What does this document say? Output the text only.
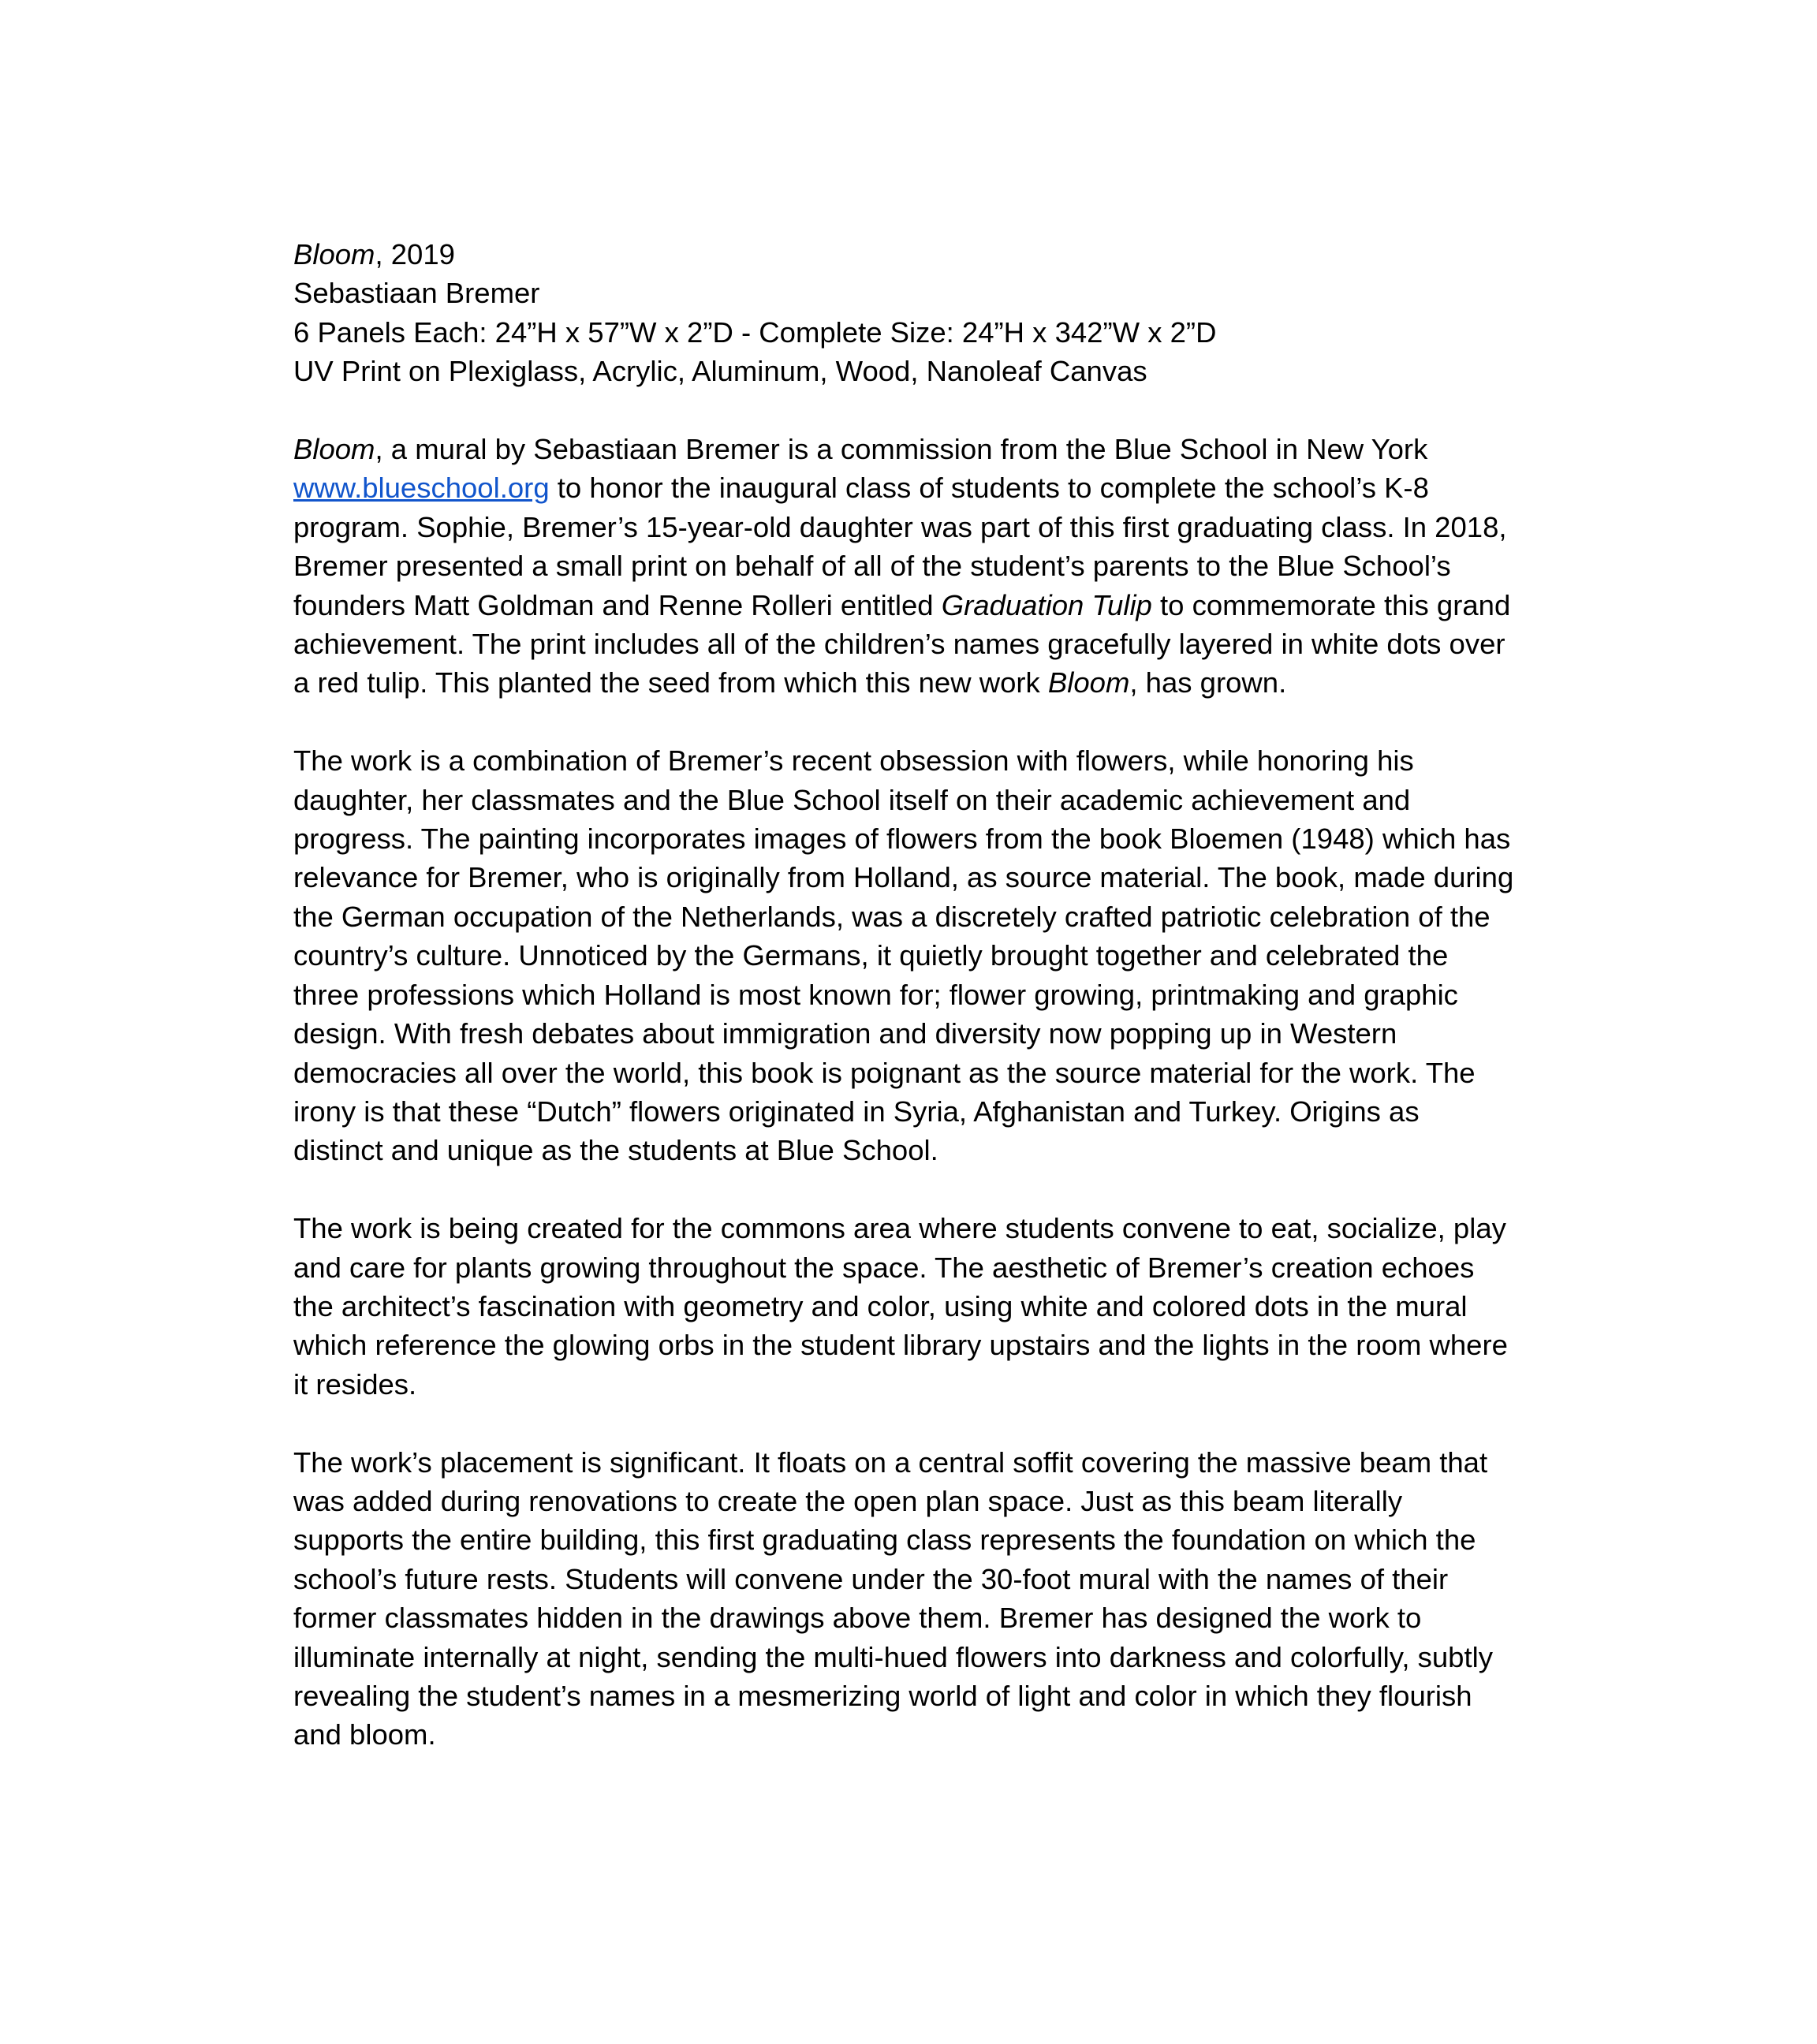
Bloom, 2019
Sebastiaan Bremer
6 Panels Each: 24”H x 57”W x 2”D - Complete Size: 24”H x 342”W x 2”D
UV Print on Plexiglass, Acrylic, Aluminum, Wood, Nanoleaf Canvas

Bloom, a mural by Sebastiaan Bremer is a commission from the Blue School in New York
www.blueschool.org to honor the inaugural class of students to complete the school’s K-8
program. Sophie, Bremer’s 15-year-old daughter was part of this first graduating class. In 2018,
Bremer presented a small print on behalf of all of the student’s parents to the Blue School’s
founders Matt Goldman and Renne Rolleri entitled Graduation Tulip to commemorate this grand
achievement. The print includes all of the children’s names gracefully layered in white dots over
a red tulip. This planted the seed from which this new work Bloom, has grown.

The work is a combination of Bremer’s recent obsession with flowers, while honoring his
daughter, her classmates and the Blue School itself on their academic achievement and
progress. The painting incorporates images of flowers from the book Bloemen (1948) which has
relevance for Bremer, who is originally from Holland, as source material. The book, made during
the German occupation of the Netherlands, was a discretely crafted patriotic celebration of the
country’s culture. Unnoticed by the Germans, it quietly brought together and celebrated the
three professions which Holland is most known for; flower growing, printmaking and graphic
design. With fresh debates about immigration and diversity now popping up in Western
democracies all over the world, this book is poignant as the source material for the work. The
irony is that these “Dutch” flowers originated in Syria, Afghanistan and Turkey. Origins as
distinct and unique as the students at Blue School.

The work is being created for the commons area where students convene to eat, socialize, play
and care for plants growing throughout the space. The aesthetic of Bremer’s creation echoes
the architect’s fascination with geometry and color, using white and colored dots in the mural
which reference the glowing orbs in the student library upstairs and the lights in the room where
it resides.

The work’s placement is significant. It floats on a central soffit covering the massive beam that
was added during renovations to create the open plan space. Just as this beam literally
supports the entire building, this first graduating class represents the foundation on which the
school’s future rests. Students will convene under the 30-foot mural with the names of their
former classmates hidden in the drawings above them. Bremer has designed the work to
illuminate internally at night, sending the multi-hued flowers into darkness and colorfully, subtly
revealing the student’s names in a mesmerizing world of light and color in which they flourish
and bloom.
